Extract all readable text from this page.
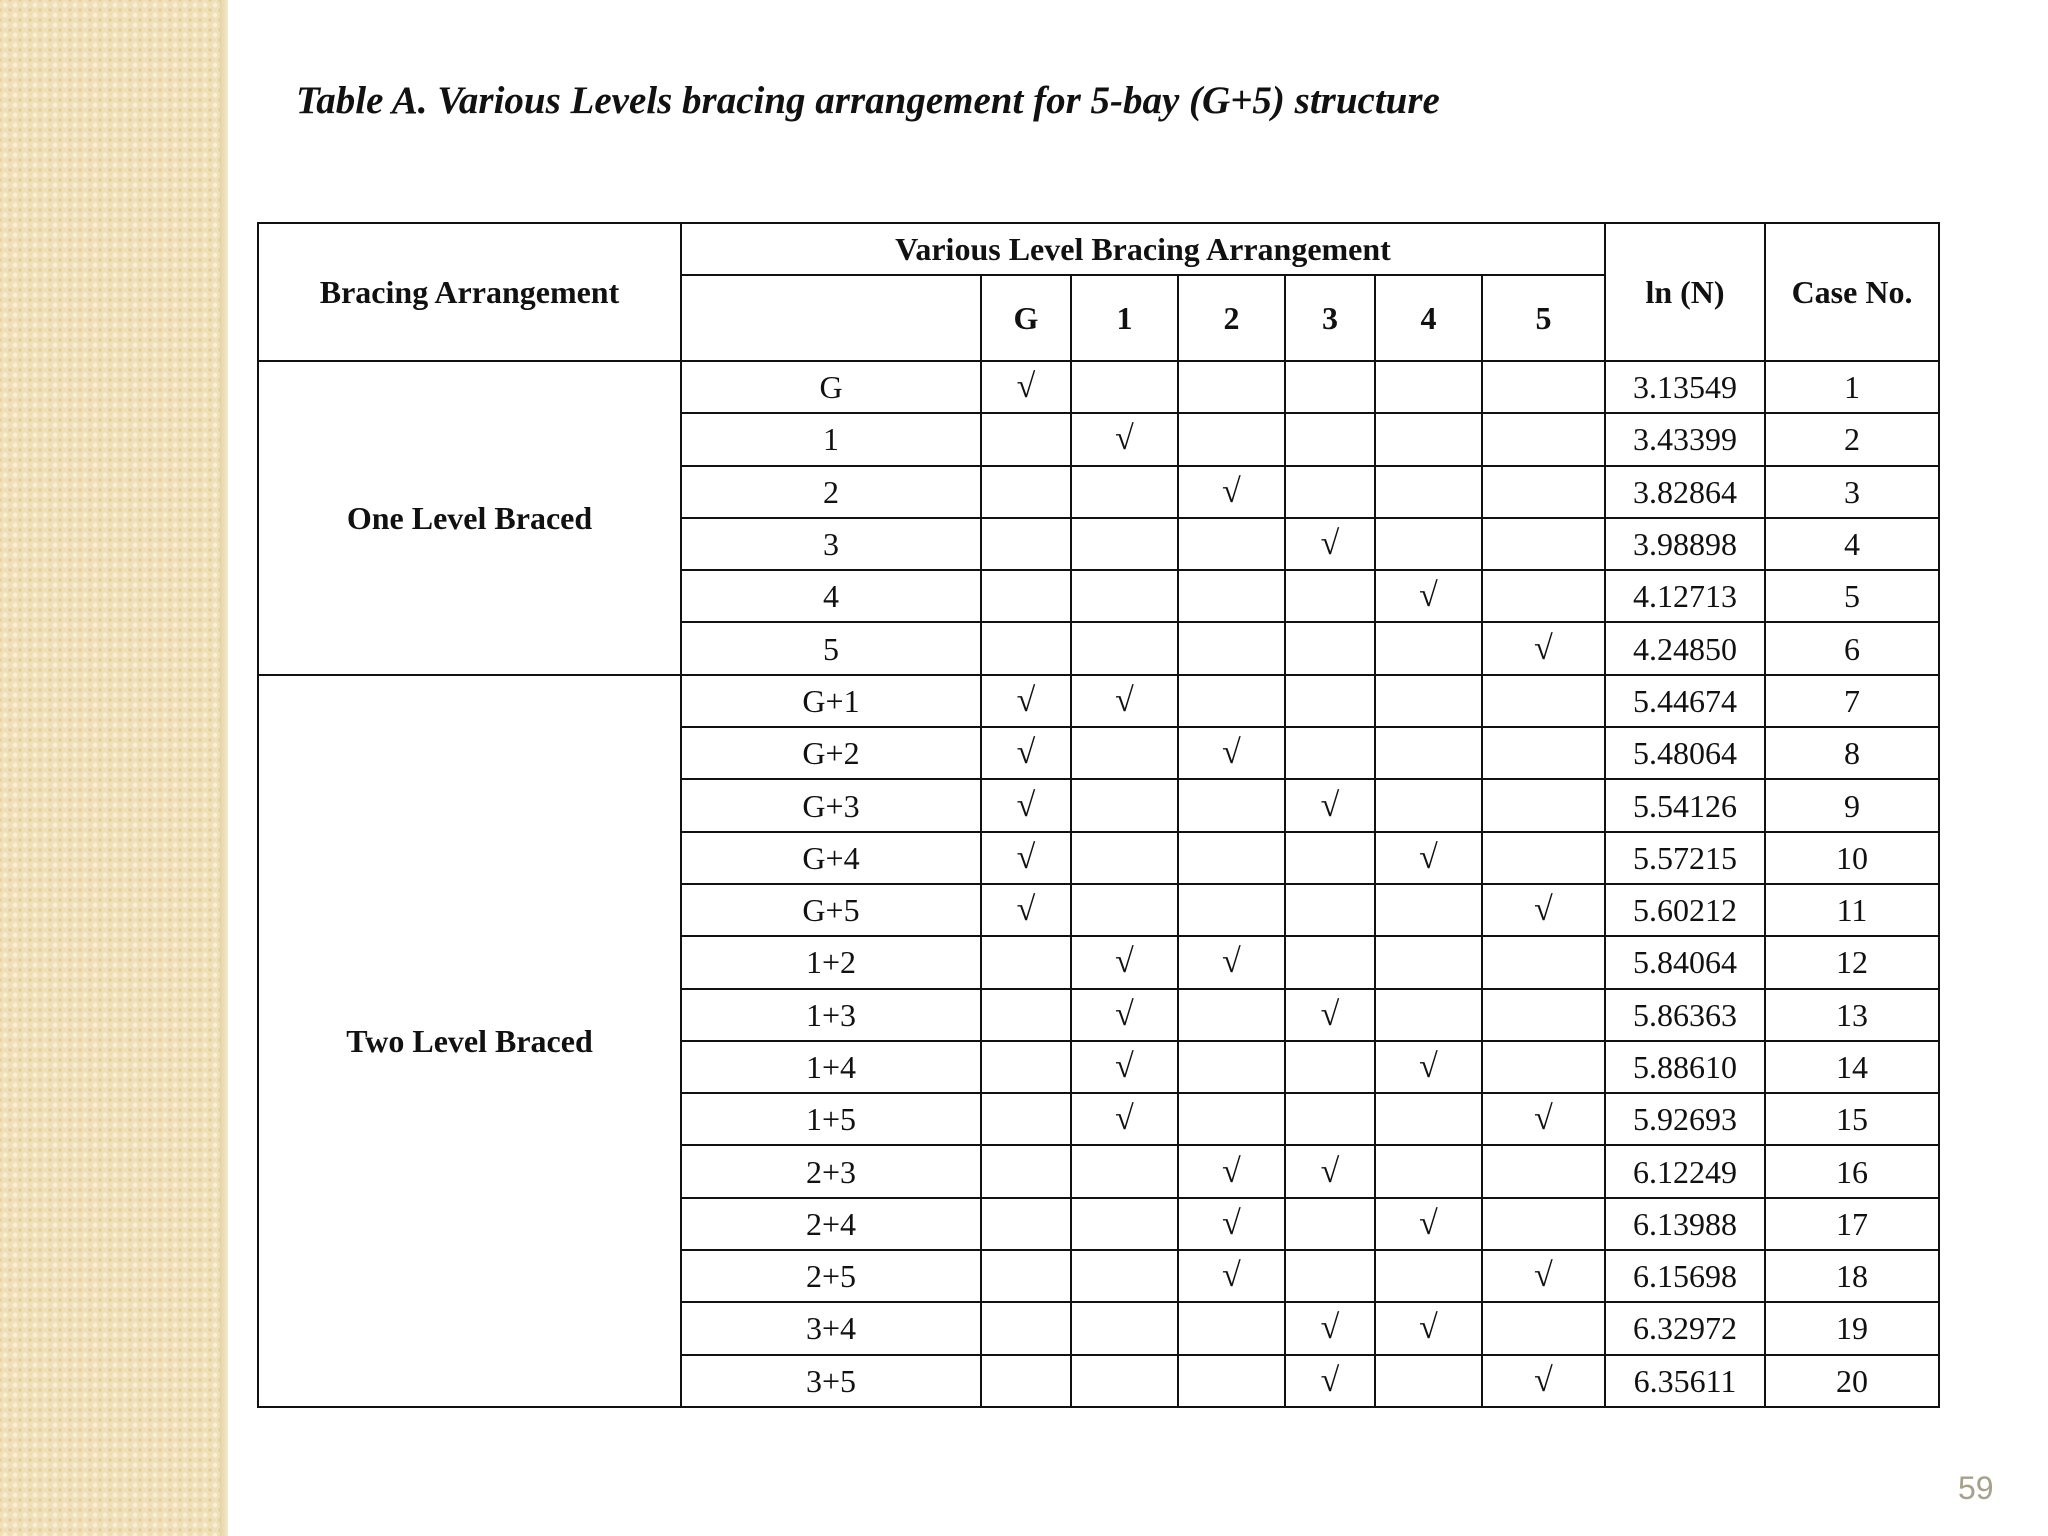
Table A. Various Levels bracing arrangement for 5-bay (G+5) structure
Bracing Arrangement	Various Level Bracing Arrangement							ln (N)	Case No.
		G	1	2	3	4	5		
One Level Braced	G	√						3.13549	1
	1		√					3.43399	2
	2			√				3.82864	3
	3				√			3.98898	4
	4					√		4.12713	5
	5						√	4.24850	6
Two Level Braced	G+1	√	√					5.44674	7
	G+2	√		√				5.48064	8
	G+3	√			√			5.54126	9
	G+4	√				√		5.57215	10
	G+5	√					√	5.60212	11
	1+2		√	√				5.84064	12
	1+3		√		√			5.86363	13
	1+4		√			√		5.88610	14
	1+5		√				√	5.92693	15
	2+3			√	√			6.12249	16
	2+4			√		√		6.13988	17
	2+5			√			√	6.15698	18
	3+4				√	√		6.32972	19
	3+5				√		√	6.35611	20
59
